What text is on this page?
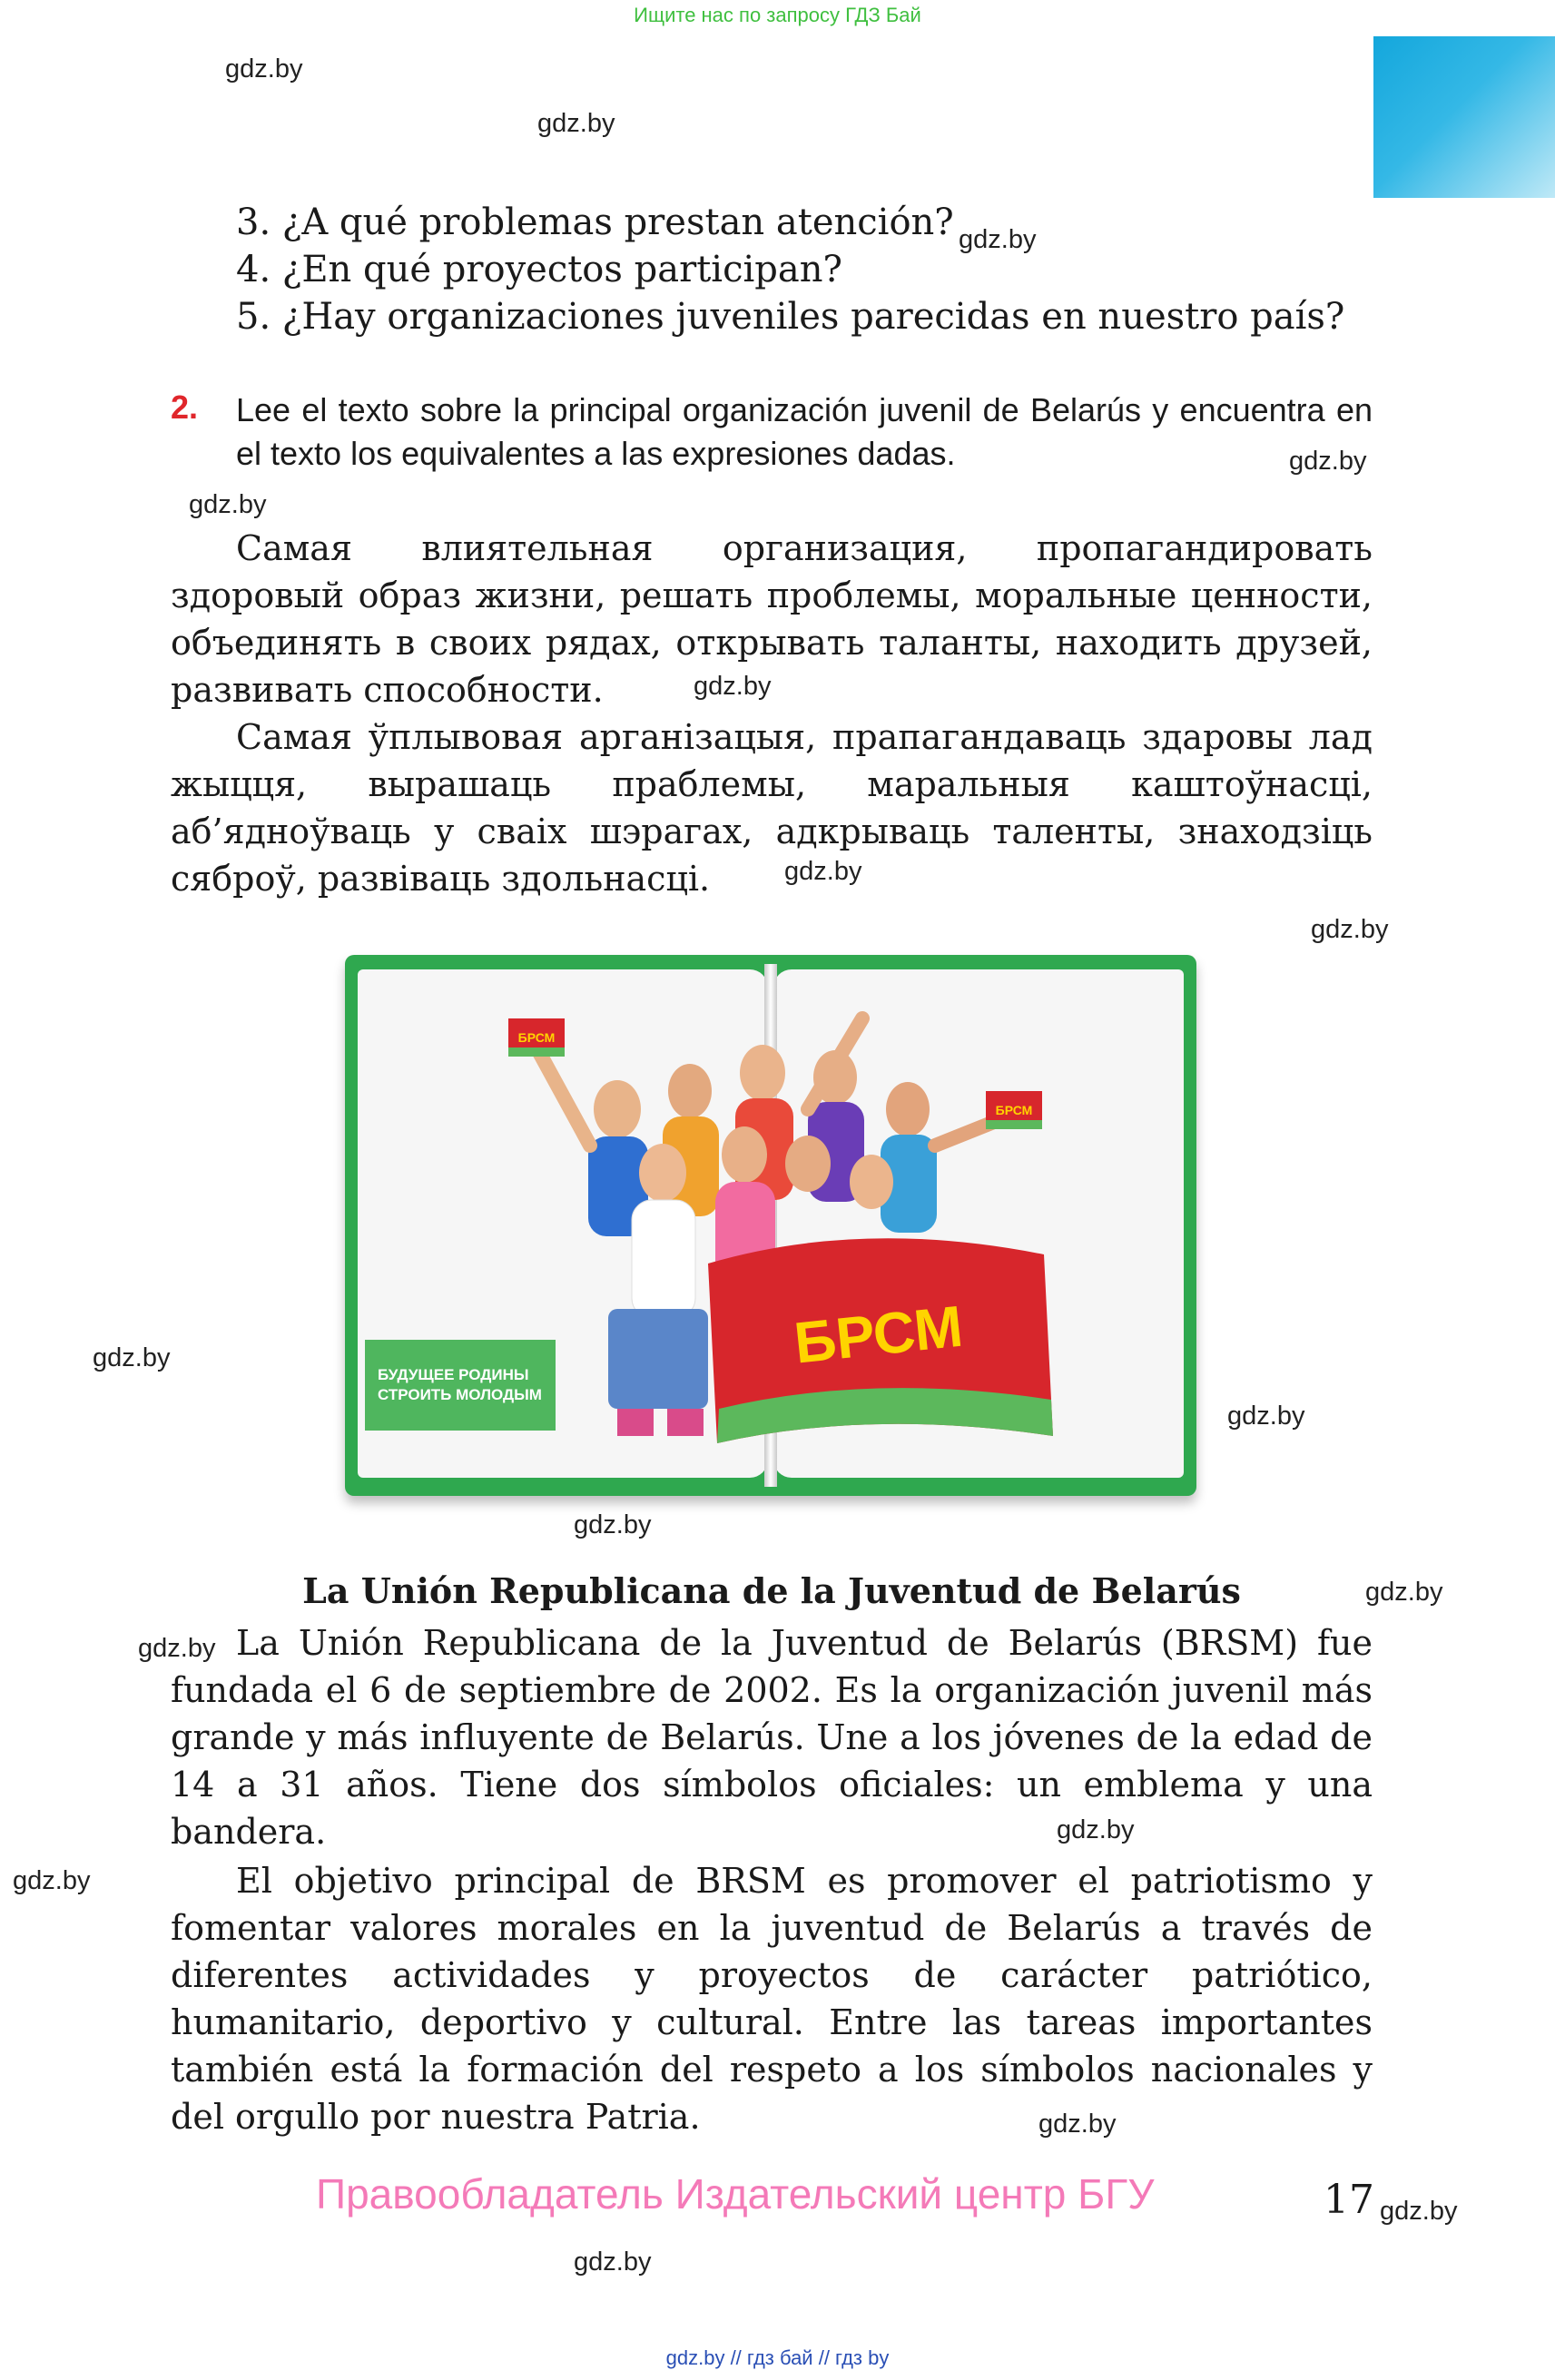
Ищите нас по запросу ГДЗ Бай
gdz.by
gdz.by
gdz.by
gdz.by
gdz.by
gdz.by
gdz.by
gdz.by
gdz.by
gdz.by
gdz.by
gdz.by
gdz.by
gdz.by
gdz.by
gdz.by
gdz.by
gdz.by
3. ¿A qué problemas prestan atención?
4. ¿En qué proyectos participan?
5. ¿Hay organizaciones juveniles parecidas en nuestro país?
2. Lee el texto sobre la principal organización juvenil de Belarús y encuentra en el texto los equivalentes a las expresiones dadas.
Самая влиятельная организация, пропагандировать здоровый образ жизни, решать проблемы, моральные ценности, объединять в своих рядах, открывать таланты, находить друзей, развивать способности.
Самая ўплывовая арганізацыя, прапагандаваць здаровы лад жыцця, вырашаць праблемы, маральныя каштоўнасці, аб’ядноўваць у сваіх шэрагах, адкрываць таленты, знаходзіць сяброў, развіваць здольнасці.
БУДУЩЕЕ РОДИНЫ
СТРОИТЬ МОЛОДЫМ
БРСМ
БРСМ
БРСМ
La Unión Republicana de la Juventud de Belarús
La Unión Republicana de la Juventud de Belarús (BRSM) fue fundada el 6 de septiembre de 2002. Es la organización juvenil más grande y más influyente de Belarús. Une a los jóvenes de la edad de 14 a 31 años. Tiene dos símbolos oficiales: un emblema y una bandera.
El objetivo principal de BRSM es promover el patriotismo y fomentar valores morales en la juventud de Belarús a través de diferentes actividades y proyectos de carácter patriótico, humanitario, deportivo y cultural. Entre las tareas importantes también está la formación del respeto a los símbolos nacionales y del orgullo por nuestra Patria.
Правообладатель Издательский центр БГУ	17
gdz.by // гдз бай // гдз by
